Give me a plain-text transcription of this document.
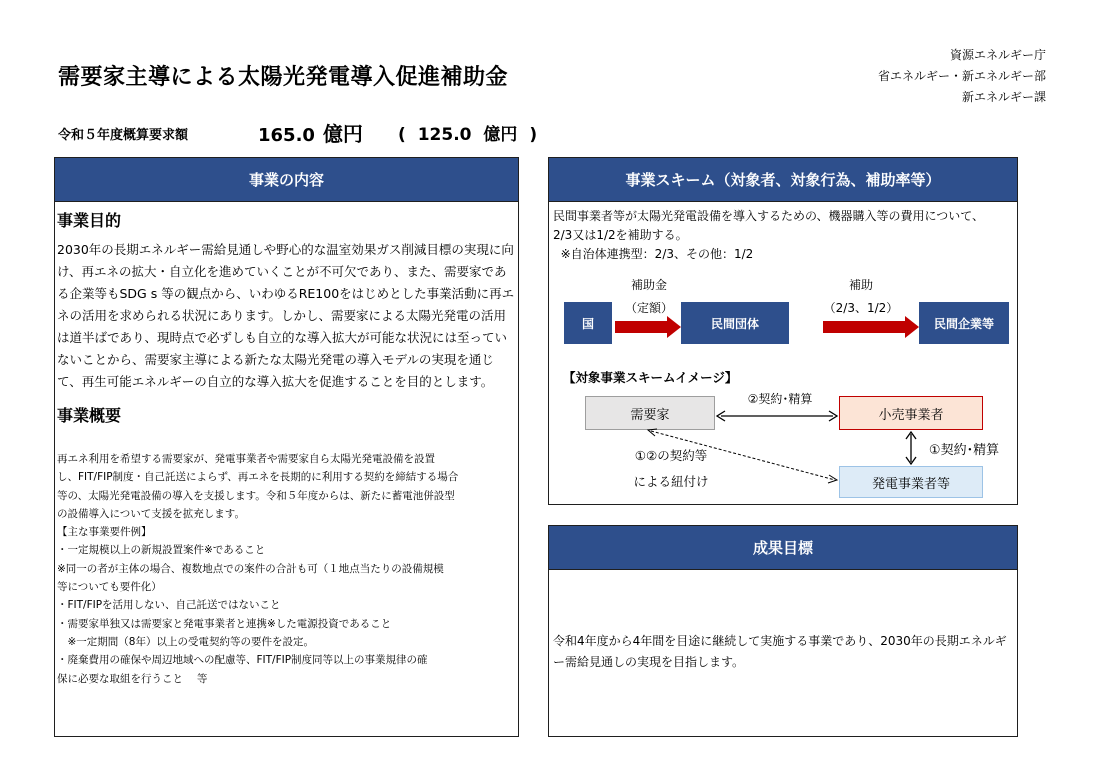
需要家主導による太陽光発電導入促進補助金
資源エネルギー庁
省エネルギー・新エネルギー部
新エネルギー課
令和５年度概算要求額	165.0 億円 ( 125.0 億円 )
事業の内容
事業目的
2030年の長期エネルギー需給見通しや野心的な温室効果ガス削減目標の実現に向け、再エネの拡大・自立化を進めていくことが不可欠であり、また、需要家である企業等もSDG s 等の観点から、いわゆるRE100をはじめとした事業活動に再エネの活用を求められる状況にあります。しかし、需要家による太陽光発電の活用は道半ばであり、現時点で必ずしも自立的な導入拡大が可能な状況には至っていないことから、需要家主導による新たな太陽光発電の導入モデルの実現を通じて、再生可能エネルギーの自立的な導入拡大を促進することを目的とします。
事業概要
再エネ利用を希望する需要家が、発電事業者や需要家自ら太陽光発電設備を設置
し、FIT/FIP制度・自己託送によらず、再エネを長期的に利用する契約を締結する場合
等の、太陽光発電設備の導入を支援します。令和５年度からは、新たに蓄電池併設型
の設備導入について支援を拡充します。
【主な事業要件例】
・一定規模以上の新規設置案件※であること
※同一の者が主体の場合、複数地点での案件の合計も可（１地点当たりの設備規模
等についても要件化）
・FIT/FIPを活用しない、自己託送ではないこと
・需要家単独又は需要家と発電事業者と連携※した電源投資であること
　※一定期間（8年）以上の受電契約等の要件を設定。
・廃棄費用の確保や周辺地域への配慮等、FIT/FIP制度同等以上の事業規律の確
保に必要な取組を行うこと　 等
事業スキーム（対象者、対象行為、補助率等）
民間事業者等が太陽光発電設備を導入するための、機器購入等の費用について、
2/3又は1/2を補助する。
※自治体連携型：2/3、その他：1/2
国
補助金
（定額）
民間団体
補助
（2/3、1/2）
民間企業等
【対象事業スキームイメージ】
需要家	小売事業者
発電事業者等
②契約･精算
①契約･精算
①②の契約等
による紐付け
成果目標
令和4年度から4年間を目途に継続して実施する事業であり、2030年の長期エネルギー需給見通しの実現を目指します。
